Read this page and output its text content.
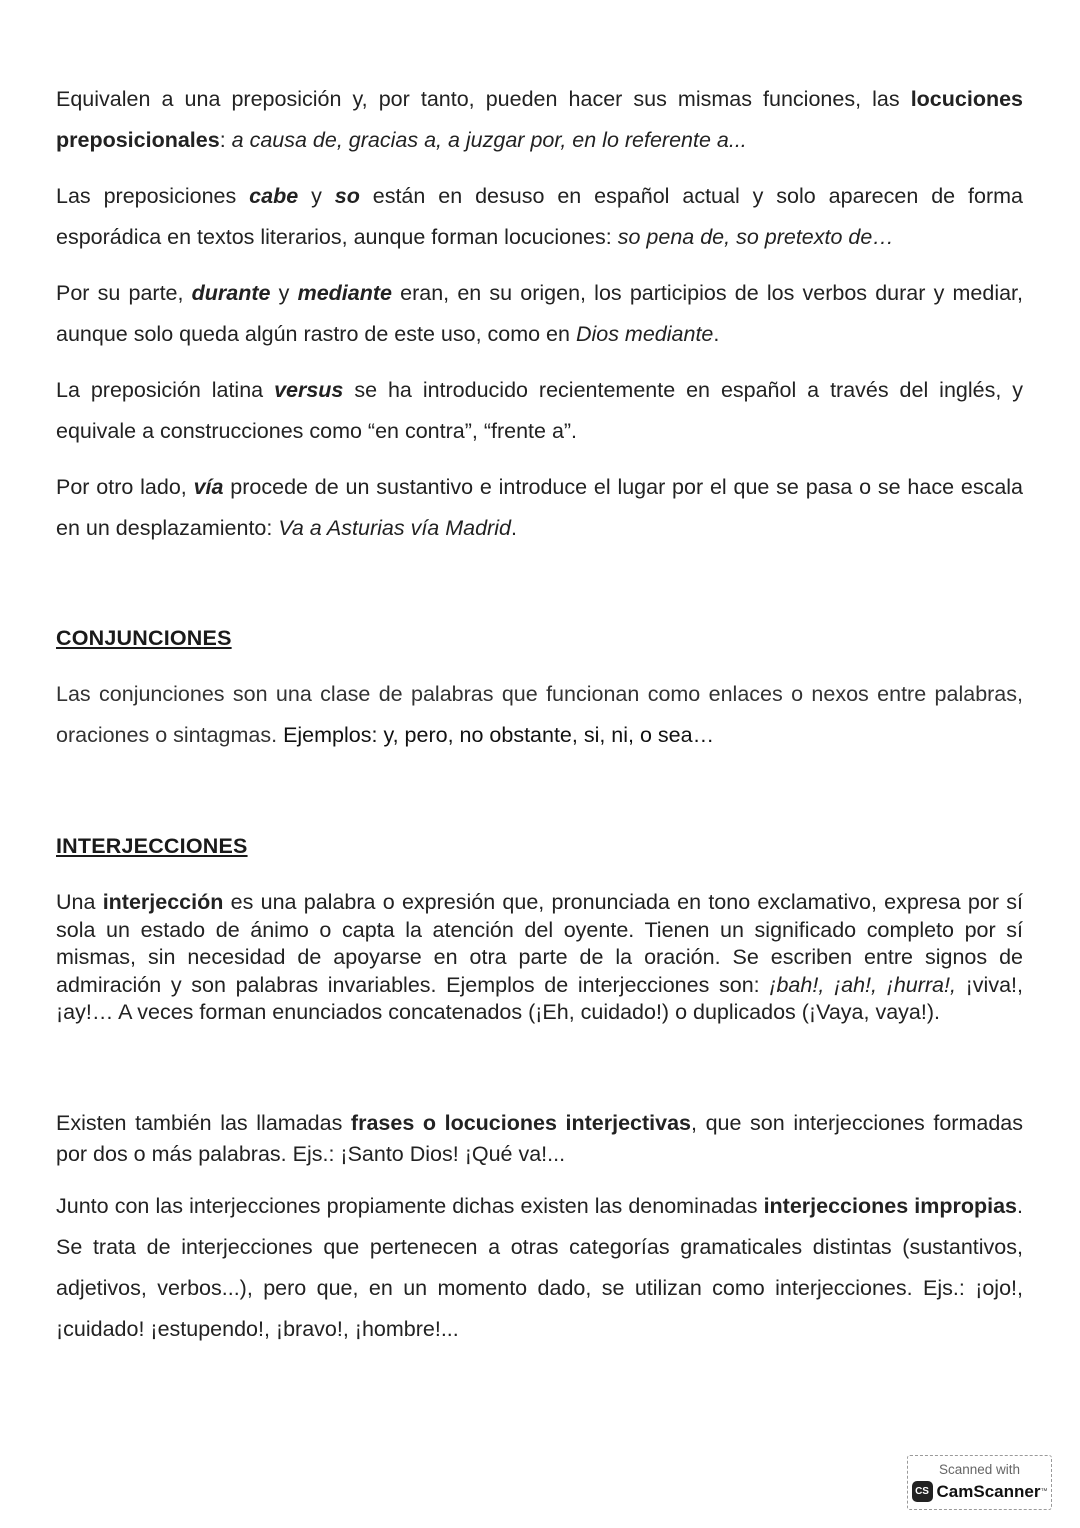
Equivalen a una preposición y, por tanto, pueden hacer sus mismas funciones, las locuciones preposicionales: a causa de, gracias a, a juzgar por, en lo referente a...

Las preposiciones cabe y so están en desuso en español actual y solo aparecen de forma esporádica en textos literarios, aunque forman locuciones: so pena de, so pretexto de…

Por su parte, durante y mediante eran, en su origen, los participios de los verbos durar y mediar, aunque solo queda algún rastro de este uso, como en Dios mediante.

La preposición latina versus se ha introducido recientemente en español a través del inglés, y equivale a construcciones como “en contra”, “frente a”.

Por otro lado, vía procede de un sustantivo e introduce el lugar por el que se pasa o se hace escala en un desplazamiento: Va a Asturias vía Madrid.

CONJUNCIONES

Las conjunciones son una clase de palabras que funcionan como enlaces o nexos entre palabras, oraciones o sintagmas. Ejemplos: y, pero, no obstante, si, ni, o sea…

INTERJECCIONES

Una interjección es una palabra o expresión que, pronunciada en tono exclamativo, expresa por sí sola un estado de ánimo o capta la atención del oyente. Tienen un significado completo por sí mismas, sin necesidad de apoyarse en otra parte de la oración. Se escriben entre signos de admiración y son palabras invariables. Ejemplos de interjecciones son: ¡bah!, ¡ah!, ¡hurra!, ¡viva!, ¡ay!… A veces forman enunciados concatenados (¡Eh, cuidado!) o duplicados (¡Vaya, vaya!).

Existen también las llamadas frases o locuciones interjectivas, que son interjecciones formadas por dos o más palabras. Ejs.: ¡Santo Dios! ¡Qué va!...

Junto con las interjecciones propiamente dichas existen las denominadas interjecciones impropias. Se trata de interjecciones que pertenecen a otras categorías gramaticales distintas (sustantivos, adjetivos, verbos...), pero que, en un momento dado, se utilizan como interjecciones. Ejs.: ¡ojo!, ¡cuidado! ¡estupendo!, ¡bravo!, ¡hombre!...

Scanned with
CS CamScanner ™
